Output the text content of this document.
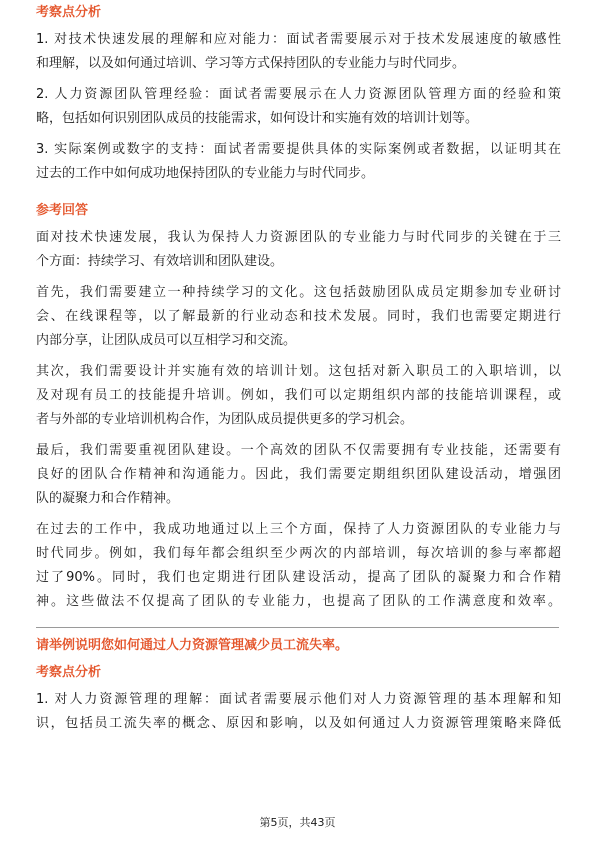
考察点分析
1. 对技术快速发展的理解和应对能力：面试者需要展示对于技术发展速度的敏感性
和理解，以及如何通过培训、学习等方式保持团队的专业能力与时代同步。
2. 人力资源团队管理经验：面试者需要展示在人力资源团队管理方面的经验和策
略，包括如何识别团队成员的技能需求，如何设计和实施有效的培训计划等。
3. 实际案例或数字的支持：面试者需要提供具体的实际案例或者数据，以证明其在
过去的工作中如何成功地保持团队的专业能力与时代同步。
参考回答
面对技术快速发展，我认为保持人力资源团队的专业能力与时代同步的关键在于三
个方面：持续学习、有效培训和团队建设。
首先，我们需要建立一种持续学习的文化。这包括鼓励团队成员定期参加专业研讨
会、在线课程等，以了解最新的行业动态和技术发展。同时，我们也需要定期进行
内部分享，让团队成员可以互相学习和交流。
其次，我们需要设计并实施有效的培训计划。这包括对新入职员工的入职培训，以
及对现有员工的技能提升培训。例如，我们可以定期组织内部的技能培训课程，或
者与外部的专业培训机构合作，为团队成员提供更多的学习机会。
最后，我们需要重视团队建设。一个高效的团队不仅需要拥有专业技能，还需要有
良好的团队合作精神和沟通能力。因此，我们需要定期组织团队建设活动，增强团
队的凝聚力和合作精神。
在过去的工作中，我成功地通过以上三个方面，保持了人力资源团队的专业能力与
时代同步。例如，我们每年都会组织至少两次的内部培训，每次培训的参与率都超
过了90%。同时，我们也定期进行团队建设活动，提高了团队的凝聚力和合作精
神。这些做法不仅提高了团队的专业能力，也提高了团队的工作满意度和效率。
请举例说明您如何通过人力资源管理减少员工流失率。
考察点分析
1. 对人力资源管理的理解：面试者需要展示他们对人力资源管理的基本理解和知
识，包括员工流失率的概念、原因和影响，以及如何通过人力资源管理策略来降低
第5页，共43页
